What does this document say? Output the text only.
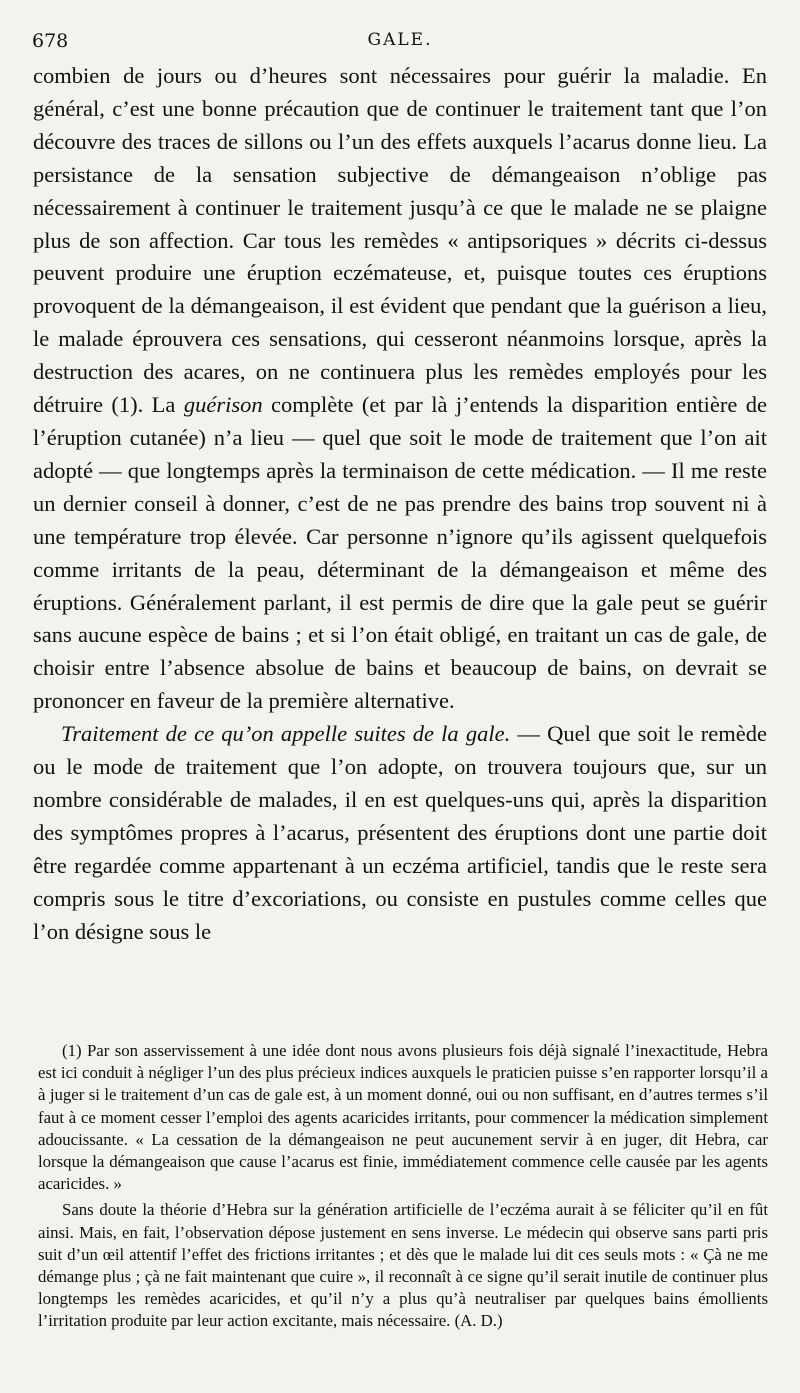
678	GALE.

combien de jours ou d’heures sont nécessaires pour guérir la maladie. En général, c’est une bonne précaution que de continuer le traitement tant que l’on découvre des traces de sillons ou l’un des effets auxquels l’acarus donne lieu. La persistance de la sensation subjective de démangeaison n’oblige pas nécessairement à continuer le traitement jusqu’à ce que le malade ne se plaigne plus de son affection. Car tous les remèdes « antipsoriques » décrits ci-dessus peuvent produire une éruption eczémateuse, et, puisque toutes ces éruptions provoquent de la démangeaison, il est évident que pendant que la guérison a lieu, le malade éprouvera ces sensations, qui cesseront néanmoins lorsque, après la destruction des acares, on ne continuera plus les remèdes employés pour les détruire (1). La guérison complète (et par là j’entends la disparition entière de l’éruption cutanée) n’a lieu — quel que soit le mode de traitement que l’on ait adopté — que longtemps après la terminaison de cette médication. — Il me reste un dernier conseil à donner, c’est de ne pas prendre des bains trop souvent ni à une température trop élevée. Car personne n’ignore qu’ils agissent quelquefois comme irritants de la peau, déterminant de la démangeaison et même des éruptions. Généralement parlant, il est permis de dire que la gale peut se guérir sans aucune espèce de bains ; et si l’on était obligé, en traitant un cas de gale, de choisir entre l’absence absolue de bains et beaucoup de bains, on devrait se prononcer en faveur de la première alternative.

Traitement de ce qu’on appelle suites de la gale. — Quel que soit le remède ou le mode de traitement que l’on adopte, on trouvera toujours que, sur un nombre considérable de malades, il en est quelques-uns qui, après la disparition des symptômes propres à l’acarus, présentent des éruptions dont une partie doit être regardée comme appartenant à un eczéma artificiel, tandis que le reste sera compris sous le titre d’excoriations, ou consiste en pustules comme celles que l’on désigne sous le

(1) Par son asservissement à une idée dont nous avons plusieurs fois déjà signalé l’inexactitude, Hebra est ici conduit à négliger l’un des plus précieux indices auxquels le praticien puisse s’en rapporter lorsqu’il a à juger si le traitement d’un cas de gale est, à un moment donné, oui ou non suffisant, en d’autres termes s’il faut à ce moment cesser l’emploi des agents acaricides irritants, pour commencer la médication simplement adoucissante. « La cessation de la démangeaison ne peut aucunement servir à en juger, dit Hebra, car lorsque la démangeaison que cause l’acarus est finie, immédiatement commence celle causée par les agents acaricides. »

Sans doute la théorie d’Hebra sur la génération artificielle de l’eczéma aurait à se féliciter qu’il en fût ainsi. Mais, en fait, l’observation dépose justement en sens inverse. Le médecin qui observe sans parti pris suit d’un œil attentif l’effet des frictions irritantes ; et dès que le malade lui dit ces seuls mots : « Çà ne me démange plus ; çà ne fait maintenant que cuire », il reconnaît à ce signe qu’il serait inutile de continuer plus longtemps les remèdes acaricides, et qu’il n’y a plus qu’à neutraliser par quelques bains émollients l’irritation produite par leur action excitante, mais nécessaire. (A. D.)
